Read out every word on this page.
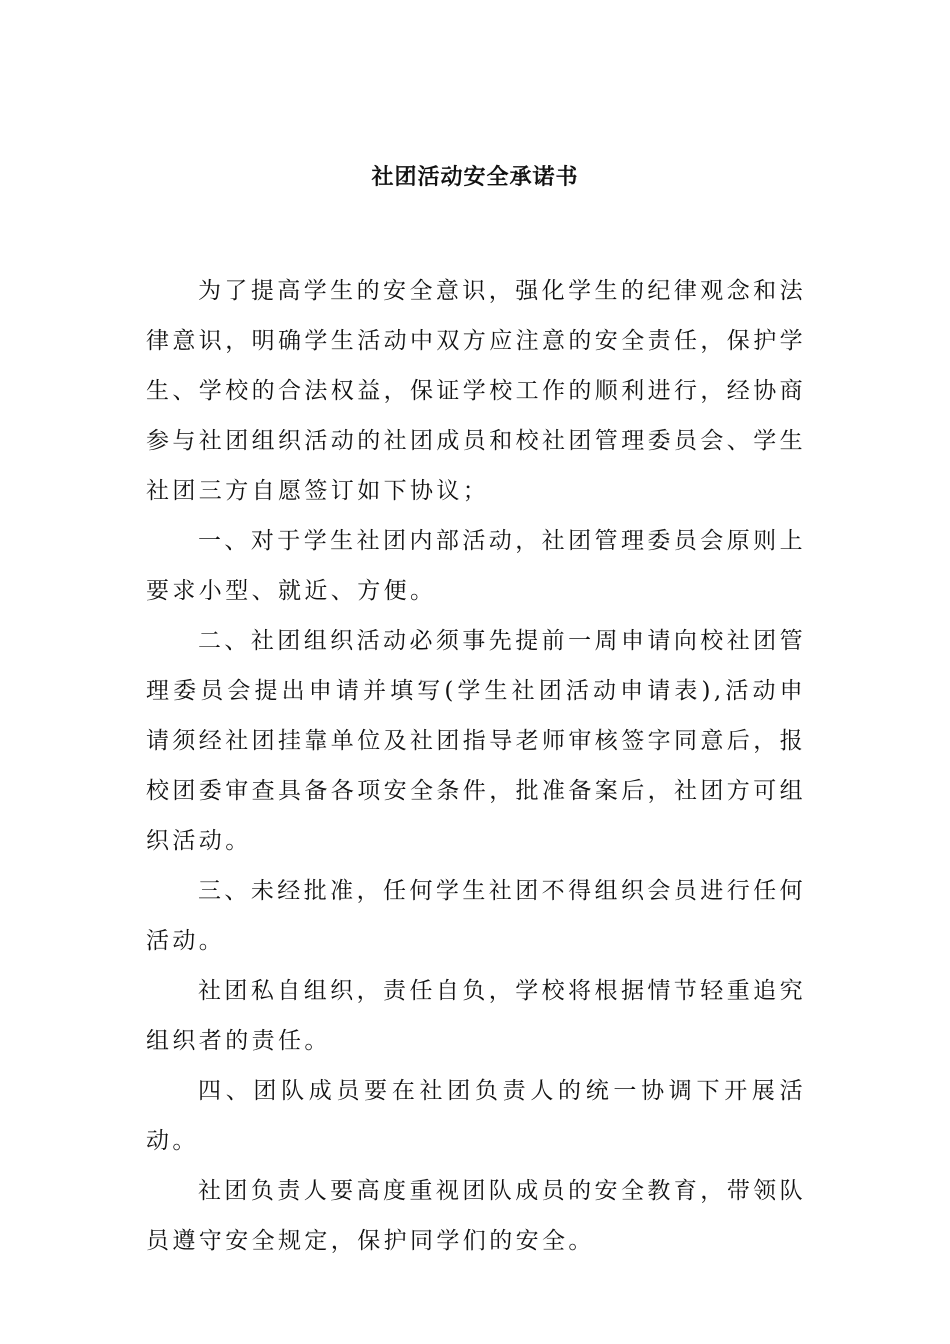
社团活动安全承诺书

为了提高学生的安全意识，强化学生的纪律观念和法律意识，明确学生活动中双方应注意的安全责任，保护学生、学校的合法权益，保证学校工作的顺利进行，经协商参与社团组织活动的社团成员和校社团管理委员会、学生社团三方自愿签订如下协议；

一、对于学生社团内部活动，社团管理委员会原则上要求小型、就近、方便。

二、社团组织活动必须事先提前一周申请向校社团管理委员会提出申请并填写(学生社团活动申请表),活动申请须经社团挂靠单位及社团指导老师审核签字同意后，报校团委审查具备各项安全条件，批准备案后，社团方可组织活动。

三、未经批准，任何学生社团不得组织会员进行任何活动。

社团私自组织，责任自负，学校将根据情节轻重追究组织者的责任。

四、团队成员要在社团负责人的统一协调下开展活动。

社团负责人要高度重视团队成员的安全教育，带领队员遵守安全规定，保护同学们的安全。
